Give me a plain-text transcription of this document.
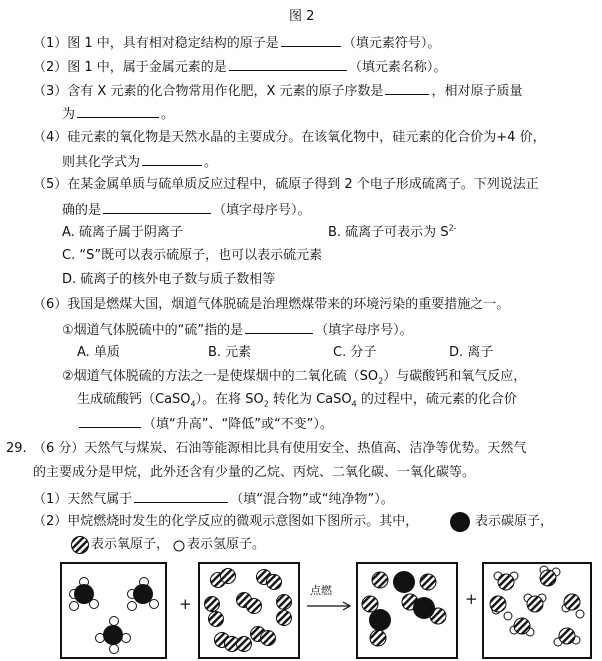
图 2
（1）图 1 中，具有相对稳定结构的原子是	（填元素符号）。
（2）图 1 中，属于金属元素的是	（填元素名称）。
（3）含有 X 元素的化合物常用作化肥，X 元素的原子序数是	，相对原子质量
为	。
（4）硅元素的氧化物是天然水晶的主要成分。在该氧化物中，硅元素的化合价为+4 价，
则其化学式为	。
（5）在某金属单质与硫单质反应过程中，硫原子得到 2 个电子形成硫离子。下列说法正
确的是	（填字母序号）。
A. 硫离子属于阴离子	B. 硫离子可表示为 $S^{2-}$
C. “S”既可以表示硫原子，也可以表示硫元素
D. 硫离子的核外电子数与质子数相等
（6）我国是燃煤大国，烟道气体脱硫是治理燃煤带来的环境污染的重要措施之一。
①烟道气体脱硫中的“硫”指的是	（填字母序号）。
A. 单质	B. 元素	C. 分子	D. 离子
②烟道气体脱硫的方法之一是使煤烟中的二氧化硫$(SO_2)$与碳酸钙和氧气反应，
生成硫酸钙（CaSO$_4$）。在将 $SO_2$ 转化为 CaSO$_4$ 的过程中，硫元素的化合价
（填“升高”、“降低”或“不变”）。
29. （6 分）天然气与煤炭、石油等能源相比具有使用安全、热值高、洁净等优势。天然气
的主要成分是甲烷，此外还含有少量的乙烷、丙烷、二氧化碳、一氧化碳等。
（1）天然气属于	（填“混合物”或“纯净物”）。
（2）甲烷燃烧时发生的化学反应的微观示意图如下图所示。其中，	表示碳原子，
表示氧原子， 表示氢原子。
+
点燃	+
